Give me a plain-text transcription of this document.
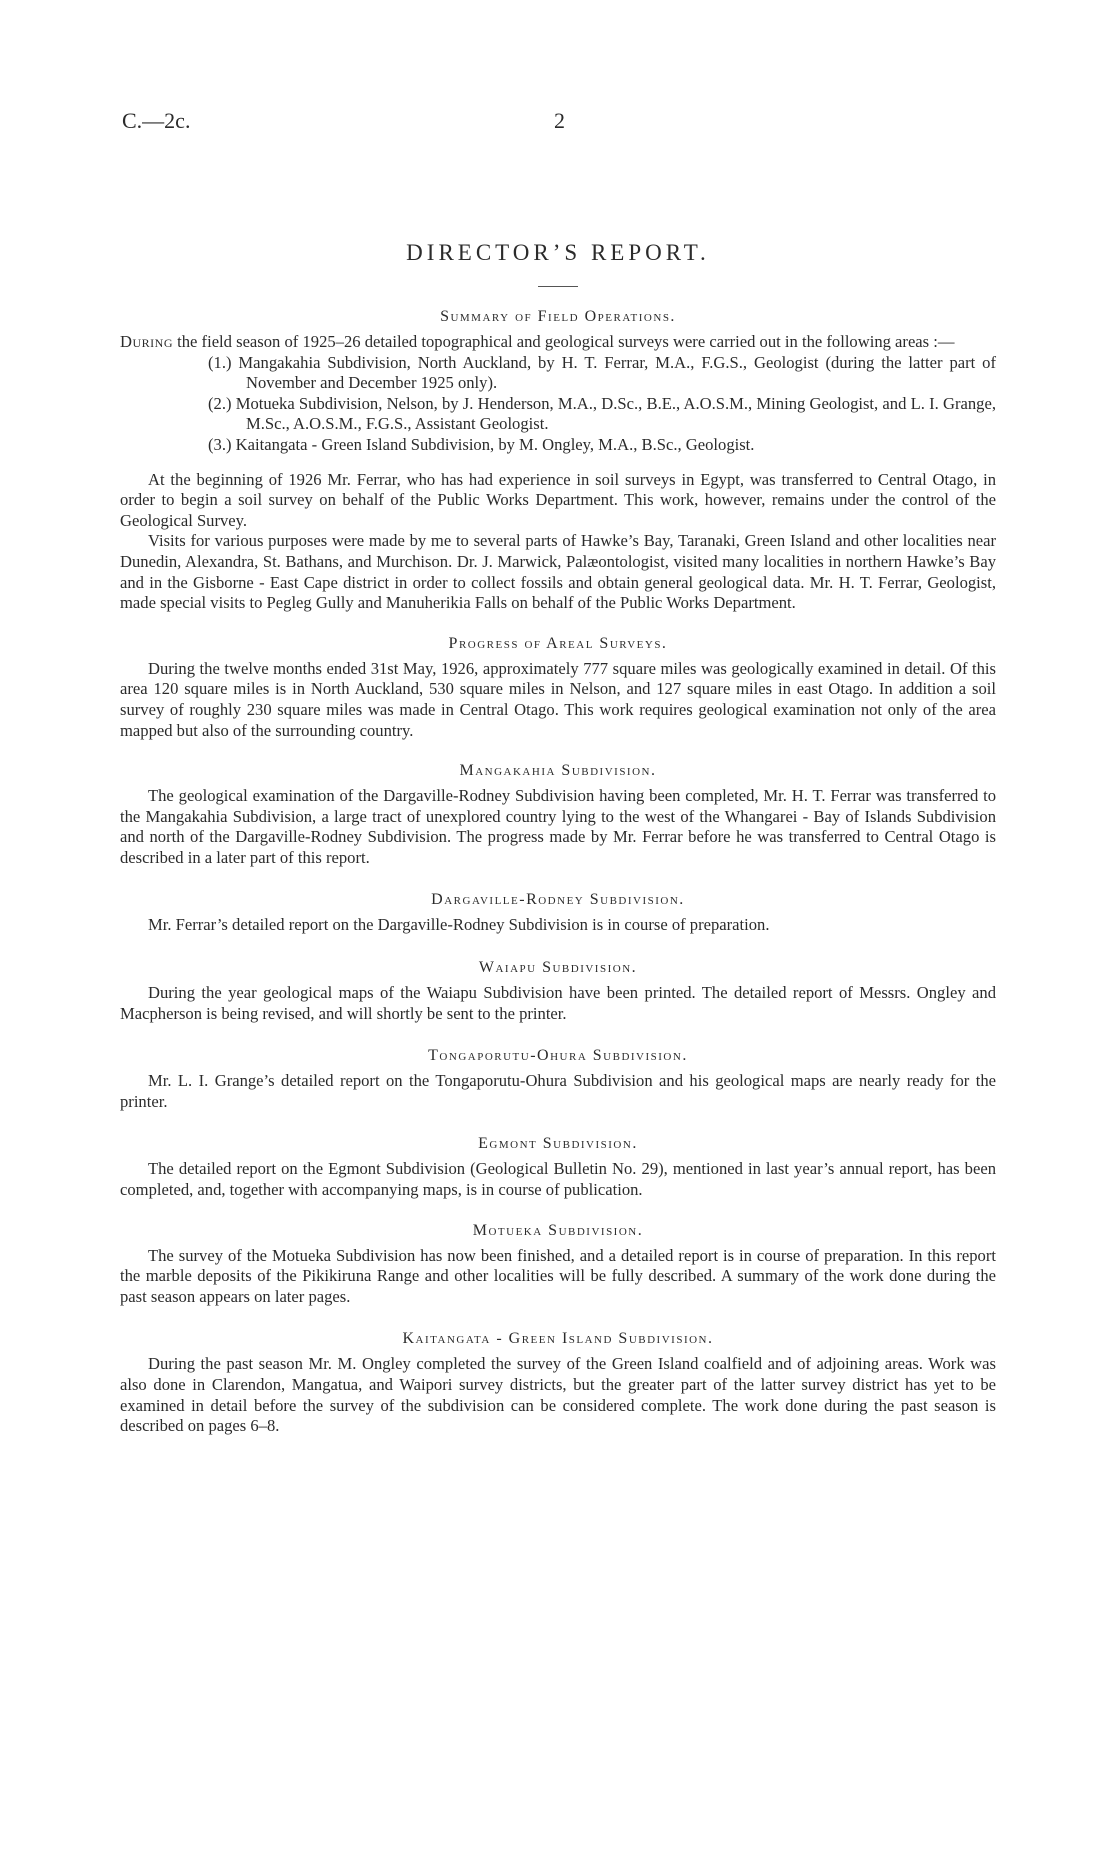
C.—2c.	2
DIRECTOR’S REPORT.
Summary of Field Operations.

During the field season of 1925–26 detailed topographical and geological surveys were carried out in the following areas :—

(1.) Mangakahia Subdivision, North Auckland, by H. T. Ferrar, M.A., F.G.S., Geologist (during the latter part of November and December 1925 only).
(2.) Motueka Subdivision, Nelson, by J. Henderson, M.A., D.Sc., B.E., A.O.S.M., Mining Geologist, and L. I. Grange, M.Sc., A.O.S.M., F.G.S., Assistant Geologist.
(3.) Kaitangata - Green Island Subdivision, by M. Ongley, M.A., B.Sc., Geologist.

At the beginning of 1926 Mr. Ferrar, who has had experience in soil surveys in Egypt, was transferred to Central Otago, in order to begin a soil survey on behalf of the Public Works Department. This work, however, remains under the control of the Geological Survey.

Visits for various purposes were made by me to several parts of Hawke’s Bay, Taranaki, Green Island and other localities near Dunedin, Alexandra, St. Bathans, and Murchison. Dr. J. Marwick, Palæontologist, visited many localities in northern Hawke’s Bay and in the Gisborne - East Cape district in order to collect fossils and obtain general geological data. Mr. H. T. Ferrar, Geologist, made special visits to Pegleg Gully and Manuherikia Falls on behalf of the Public Works Department.

Progress of Areal Surveys.

During the twelve months ended 31st May, 1926, approximately 777 square miles was geologically examined in detail. Of this area 120 square miles is in North Auckland, 530 square miles in Nelson, and 127 square miles in east Otago. In addition a soil survey of roughly 230 square miles was made in Central Otago. This work requires geological examination not only of the area mapped but also of the surrounding country.

Mangakahia Subdivision.

The geological examination of the Dargaville-Rodney Subdivision having been completed, Mr. H. T. Ferrar was transferred to the Mangakahia Subdivision, a large tract of unexplored country lying to the west of the Whangarei - Bay of Islands Subdivision and north of the Dargaville-Rodney Subdivision. The progress made by Mr. Ferrar before he was transferred to Central Otago is described in a later part of this report.

Dargaville-Rodney Subdivision.

Mr. Ferrar’s detailed report on the Dargaville-Rodney Subdivision is in course of preparation.

Waiapu Subdivision.

During the year geological maps of the Waiapu Subdivision have been printed. The detailed report of Messrs. Ongley and Macpherson is being revised, and will shortly be sent to the printer.

Tongaporutu-Ohura Subdivision.

Mr. L. I. Grange’s detailed report on the Tongaporutu-Ohura Subdivision and his geological maps are nearly ready for the printer.

Egmont Subdivision.

The detailed report on the Egmont Subdivision (Geological Bulletin No. 29), mentioned in last year’s annual report, has been completed, and, together with accompanying maps, is in course of publication.

Motueka Subdivision.

The survey of the Motueka Subdivision has now been finished, and a detailed report is in course of preparation. In this report the marble deposits of the Pikikiruna Range and other localities will be fully described. A summary of the work done during the past season appears on later pages.

Kaitangata - Green Island Subdivision.

During the past season Mr. M. Ongley completed the survey of the Green Island coalfield and of adjoining areas. Work was also done in Clarendon, Mangatua, and Waipori survey districts, but the greater part of the latter survey district has yet to be examined in detail before the survey of the subdivision can be considered complete. The work done during the past season is described on pages 6–8.
